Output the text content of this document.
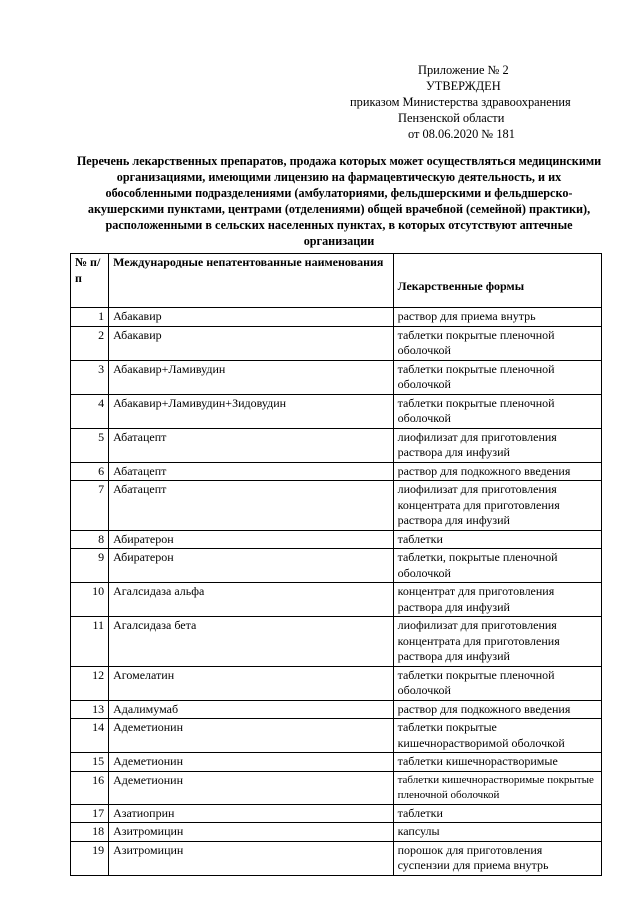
Приложение № 2
УТВЕРЖДЕН
приказом Министерства здравоохранения
Пензенской области
от 08.06.2020 № 181
Перечень лекарственных препаратов, продажа которых может осуществляться медицинскими организациями, имеющими лицензию на фармацевтическую деятельность, и их обособленными подразделениями (амбулаториями, фельдшерскими и фельдшерско-акушерскими пунктами, центрами (отделениями) общей врачебной (семейной) практики), расположенными в сельских населенных пунктах, в которых отсутствуют аптечные организации
№ п/п	Международные непатентованные наименования	Лекарственные формы
1	Абакавир	раствор для приема внутрь
2	Абакавир	таблетки покрытые пленочной оболочкой
3	Абакавир+Ламивудин	таблетки покрытые пленочной оболочкой
4	Абакавир+Ламивудин+Зидовудин	таблетки покрытые пленочной оболочкой
5	Абатацепт	лиофилизат для приготовления раствора для инфузий
6	Абатацепт	раствор для подкожного введения
7	Абатацепт	лиофилизат для приготовления концентрата для приготовления раствора для инфузий
8	Абиратерон	таблетки
9	Абиратерон	таблетки, покрытые пленочной оболочкой
10	Агалсидаза альфа	концентрат для приготовления раствора для инфузий
11	Агалсидаза бета	лиофилизат для приготовления концентрата для приготовления раствора для инфузий
12	Агомелатин	таблетки покрытые пленочной оболочкой
13	Адалимумаб	раствор для подкожного введения
14	Адеметионин	таблетки покрытые кишечнорастворимой оболочкой
15	Адеметионин	таблетки кишечнорастворимые
16	Адеметионин	таблетки кишечнорастворимые покрытые пленочной оболочкой
17	Азатиоприн	таблетки
18	Азитромицин	капсулы
19	Азитромицин	порошок для приготовления суспензии для приема внутрь
